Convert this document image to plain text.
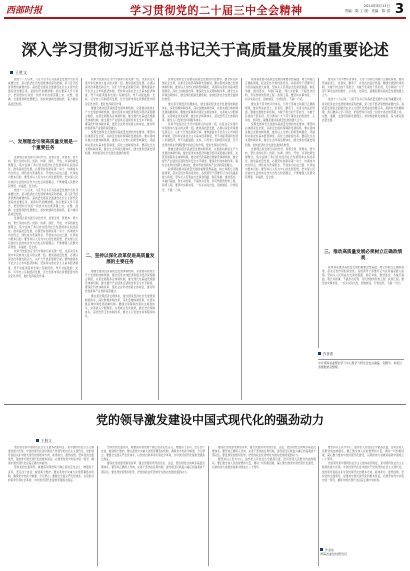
西部时报	学习贯彻党的二十届三中全会精神	2024年8月13日
责编：陈 工 版：美编：陈 清 3
深入学习贯彻习近平总书记关于高质量发展的重要论述
王胜文

党的十八大以来，习近平总书记对高质量发展作出系列重要论述，是对经济社会发展规律的深刻把握，是习近平经济思想的重要内容。高质量发展是全面建设社会主义现代化国家的首要任务，是新时代的硬道理。我们要深入学习领会，把思想和行动统一到党中央决策部署上来，完整、准确、全面贯彻新发展理念，加快构建新发展格局，着力推动高质量发展。

一、发展理念引领高质量发展是一个重要任务

发展理念是发展行动的先导，是管全局、管根本、管方向、管长远的东西。创新、协调、绿色、开放、共享的新发展理念，集中反映了我们党对经济社会发展规律认识的深化。推动高质量发展，必须坚持创新是第一动力、协调成为内生特点、绿色成为普遍形态、开放成为必由之路、共享成为根本目的。要坚持以人民为中心的发展思想，把实现人民对美好生活的向往作为出发点和落脚点，不断增强人民群众获得感、幸福感、安全感。

党的十八大以来，习近平总书记对高质量发展作出系列重要论述，是对经济社会发展规律的深刻把握，是习近平经济思想的重要内容。高质量发展是全面建设社会主义现代化国家的首要任务，是新时代的硬道理。我们要深入学习领会，把思想和行动统一到党中央决策部署上来，完整、准确、全面贯彻新发展理念，加快构建新发展格局，着力推动高质量发展。

发展理念是发展行动的先导，是管全局、管根本、管方向、管长远的东西。创新、协调、绿色、开放、共享的新发展理念，集中反映了我们党对经济社会发展规律认识的深化。推动高质量发展，必须坚持创新是第一动力、协调成为内生特点、绿色成为普遍形态、开放成为必由之路、共享成为根本目的。要坚持以人民为中心的发展思想，把实现人民对美好生活的向往作为出发点和落脚点，不断增强人民群众获得感、幸福感、安全感。

改革开放是决定当代中国命运的关键一招，也是决定实现中华民族伟大复兴的关键一招。推进高质量发展，必须以深化改革激发新活力，以扩大开放拓展新空间。要构建高水平社会主义市场经济体制，坚持和完善社会主义基本经济制度，毫不动摇巩固和发展公有制经济，毫不动摇鼓励、支持、引导非公有制经济发展，充分发挥市场在资源配置中的决定性作用，更好发挥政府作用。

改革开放是决定当代中国命运的关键一招，也是决定实现中华民族伟大复兴的关键一招。推进高质量发展，必须以深化改革激发新活力，以扩大开放拓展新空间。要构建高水平社会主义市场经济体制，坚持和完善社会主义基本经济制度，毫不动摇巩固和发展公有制经济，毫不动摇鼓励、支持、引导非公有制经济发展，充分发挥市场在资源配置中的决定性作用，更好发挥政府作用。

要健全推动经济高质量发展体制机制，完善推动新质生产力发展的体制机制，健全促进实体经济和数字经济深度融合制度，完善发展服务业体制机制，健全现代化基础设施建设体制机制，健全提升产业链供应链韧性和安全水平制度。要深化科技体制改革，强化企业科技创新主体地位，推动科技创新和产业创新深度融合。

统筹发展和安全是推动高质量发展的内在要求。要坚持总体国家安全观，以新安全格局保障新发展格局。要完善城乡融合发展体制机制，推进以人为核心的新型城镇化，巩固和完善农村基本经营制度，深化土地制度改革。要深化生态文明体制改革，健全生态环境治理体系，健全绿色低碳发展机制，加快经济社会发展全面绿色转型。

二、坚持以深化改革促进高质量发展的主要任务

要健全推动经济高质量发展体制机制，完善推动新质生产力发展的体制机制，健全促进实体经济和数字经济深度融合制度，完善发展服务业体制机制，健全现代化基础设施建设体制机制，健全提升产业链供应链韧性和安全水平制度。要深化科技体制改革，强化企业科技创新主体地位，推动科技创新和产业创新深度融合。

要完善宏观经济治理体系，健全国家经济社会发展规划制度体系，深化财税体制改革，深化金融体制改革，完善实施区域协调发展战略机制。要健全保障和改善民生制度体系，完善收入分配制度，完善就业优先政策，健全社会保障体系，深化医药卫生体制改革，健全人口发展支持和服务体系。

统筹发展和安全是推动高质量发展的内在要求。要坚持总体国家安全观，以新安全格局保障新发展格局。要完善城乡融合发展体制机制，推进以人为核心的新型城镇化，巩固和完善农村基本经营制度，深化土地制度改革。要深化生态文明体制改革，健全生态环境治理体系，健全绿色低碳发展机制，加快经济社会发展全面绿色转型。

要完善宏观经济治理体系，健全国家经济社会发展规划制度体系，深化财税体制改革，深化金融体制改革，完善实施区域协调发展战略机制。要健全保障和改善民生制度体系，完善收入分配制度，完善就业优先政策，健全社会保障体系，深化医药卫生体制改革，健全人口发展支持和服务体系。

改革开放是决定当代中国命运的关键一招，也是决定实现中华民族伟大复兴的关键一招。推进高质量发展，必须以深化改革激发新活力，以扩大开放拓展新空间。要构建高水平社会主义市场经济体制，坚持和完善社会主义基本经济制度，毫不动摇巩固和发展公有制经济，毫不动摇鼓励、支持、引导非公有制经济发展，充分发挥市场在资源配置中的决定性作用，更好发挥政府作用。

要健全推动经济高质量发展体制机制，完善推动新质生产力发展的体制机制，健全促进实体经济和数字经济深度融合制度，完善发展服务业体制机制，健全现代化基础设施建设体制机制，健全提升产业链供应链韧性和安全水平制度。要深化科技体制改革，强化企业科技创新主体地位，推动科技创新和产业创新深度融合。

政绩观是推动高质量发展的重要思想基础。树立和践行正确政绩观，起决定性作用的是党性。各级领导干部要牢记为民造福是最大政绩，坚持从人民利益出发谋划思路、制定举措、推进落实，多做打基础、利长远的事，不搞急功近利、劳民伤财的形象工程、政绩工程。要坚持实事求是，一切从实际出发，因地制宜、分类指导，不搞一刀切。

政绩观是推动高质量发展的重要思想基础。树立和践行正确政绩观，起决定性作用的是党性。各级领导干部要牢记为民造福是最大政绩，坚持从人民利益出发谋划思路、制定举措、推进落实，多做打基础、利长远的事，不搞急功近利、劳民伤财的形象工程、政绩工程。要坚持实事求是，一切从实际出发，因地制宜、分类指导，不搞一刀切。

要完善干部考核评价体系，引导干部树立和践行正确政绩观，推动形成能者上、优者奖、庸者下、劣者汰的良好局面。要健全激励约束机制，为敢于担当的干部担当、为敢于负责的干部负责，充分调动广大干部干事创业的积极性、主动性、创造性，凝聚起推动高质量发展的强大合力。

统筹发展和安全是推动高质量发展的内在要求。要坚持总体国家安全观，以新安全格局保障新发展格局。要完善城乡融合发展体制机制，推进以人为核心的新型城镇化，巩固和完善农村基本经营制度，深化土地制度改革。要深化生态文明体制改革，健全生态环境治理体系，健全绿色低碳发展机制，加快经济社会发展全面绿色转型。

发展理念是发展行动的先导，是管全局、管根本、管方向、管长远的东西。创新、协调、绿色、开放、共享的新发展理念，集中反映了我们党对经济社会发展规律认识的深化。推动高质量发展，必须坚持创新是第一动力、协调成为内生特点、绿色成为普遍形态、开放成为必由之路、共享成为根本目的。要坚持以人民为中心的发展思想，把实现人民对美好生活的向往作为出发点和落脚点，不断增强人民群众获得感、幸福感、安全感。

要完善干部考核评价体系，引导干部树立和践行正确政绩观，推动形成能者上、优者奖、庸者下、劣者汰的良好局面。要健全激励约束机制，为敢于担当的干部担当、为敢于负责的干部负责，充分调动广大干部干事创业的积极性、主动性、创造性，凝聚起推动高质量发展的强大合力。

党的十八大以来，习近平总书记对高质量发展作出系列重要论述，是对经济社会发展规律的深刻把握，是习近平经济思想的重要内容。高质量发展是全面建设社会主义现代化国家的首要任务，是新时代的硬道理。我们要深入学习领会，把思想和行动统一到党中央决策部署上来，完整、准确、全面贯彻新发展理念，加快构建新发展格局，着力推动高质量发展。

三、推动高质量发展必须树立正确政绩观

政绩观是推动高质量发展的重要思想基础。树立和践行正确政绩观，起决定性作用的是党性。各级领导干部要牢记为民造福是最大政绩，坚持从人民利益出发谋划思路、制定举措、推进落实，多做打基础、利长远的事，不搞急功近利、劳民伤财的形象工程、政绩工程。要坚持实事求是，一切从实际出发，因地制宜、分类指导，不搞一刀切。

作者系
中共青海省委理论学习中心组学习研讨会发言摘编，有删节。本报记者根据录音整理。
党的领导激发建设中国式现代化的强劲动力
王胜文

党的领导是中国特色社会主义最本质的特征，是中国特色社会主义制度的最大优势。中国式现代化是中国共产党领导的社会主义现代化，党的领导直接关系中国式现代化的根本方向、前途命运、最终成败。坚持党的全面领导，是推进中国式现代化的根本保证。必须坚持党中央集中统一领导，确保中国式现代化沿着正确方向前进。

坚持党的全面领导，就要深刻领悟两个确立的决定性意义，增强四个意识、坚定四个自信、做到两个维护。要完善党中央重大决策部署落实机制，确保党中央政令畅通、令行禁止。要健全全面从严治党体系，以党的自我革命引领社会革命，为中国式现代化提供坚强政治保证。

坚持党的全面领导，就要深刻领悟两个确立的决定性意义，增强四个意识、坚定四个自信、做到两个维护。要完善党中央重大决策部署落实机制，确保党中央政令畅通、令行禁止。要健全全面从严治党体系，以党的自我革命引领社会革命，为中国式现代化提供坚强政治保证。

要深化党的建设制度改革，健全党组织领导的自治、法治、德治相结合的城乡基层治理体系。要坚持正确用人导向，完善干部选拔任用机制，建设堪当民族复兴重任的高素质干部队伍。要发挥党的组织优势，把党的政治优势转化为推动发展的强劲动力。

要深化党的建设制度改革，健全党组织领导的自治、法治、德治相结合的城乡基层治理体系。要坚持正确用人导向，完善干部选拔任用机制，建设堪当民族复兴重任的高素质干部队伍。要发挥党的组织优势，把党的政治优势转化为推动发展的强劲动力。

要坚持以人民为中心，始终把人民放在心中最高位置，密切党同人民群众的血肉联系。要汇聚全体人民的智慧和力量，调动一切积极因素，凝心聚力推进中国式现代化建设，以新的伟大成就迎接新中国成立八十周年。

要坚持以人民为中心，始终把人民放在心中最高位置，密切党同人民群众的血肉联系。要汇聚全体人民的智慧和力量，调动一切积极因素，凝心聚力推进中国式现代化建设，以新的伟大成就迎接新中国成立八十周年。

党的领导是中国特色社会主义最本质的特征，是中国特色社会主义制度的最大优势。中国式现代化是中国共产党领导的社会主义现代化，党的领导直接关系中国式现代化的根本方向、前途命运、最终成败。坚持党的全面领导，是推进中国式现代化的根本保证。必须坚持党中央集中统一领导，确保中国式现代化沿着正确方向前进。

作者系
青海省委党校研究员
